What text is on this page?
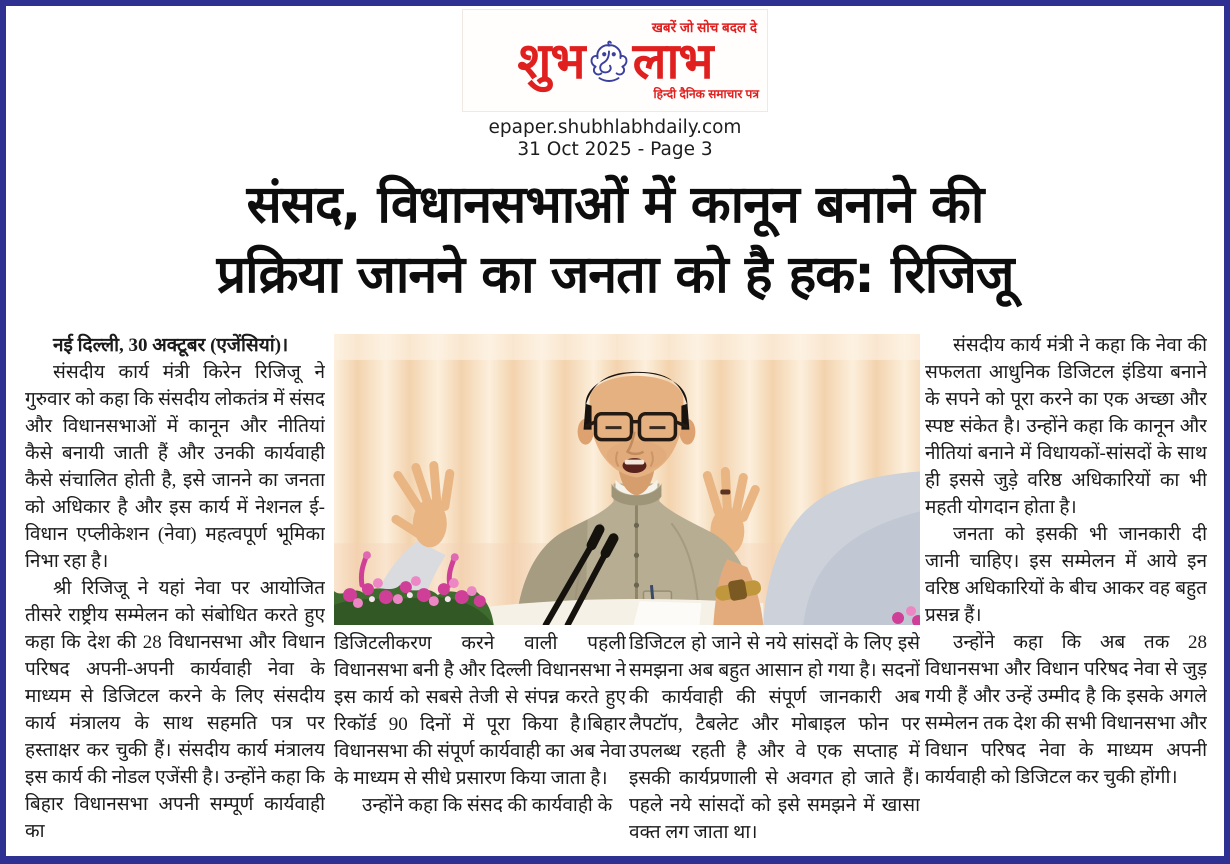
खबरें जो सोच बदल दे
शुभ लाभ
हिन्दी दैनिक समाचार पत्र
epaper.shubhlabhdaily.com
31 Oct 2025 - Page 3
संसद, विधानसभाओं में कानून बनाने की
प्रक्रिया जानने का जनता को है हक: रिजिजू

नई दिल्ली, 30 अक्टूबर (एजेंसियां)।

संसदीय कार्य मंत्री किरेन रिजिजू ने गुरुवार को कहा कि संसदीय लोकतंत्र में संसद और विधानसभाओं में कानून और नीतियां कैसे बनायी जाती हैं और उनकी कार्यवाही कैसे संचालित होती है, इसे जानने का जनता को अधिकार है और इस कार्य में नेशनल ई-विधान एप्लीकेशन (नेवा) महत्वपूर्ण भूमिका निभा रहा है।

श्री रिजिजू ने यहां नेवा पर आयोजित तीसरे राष्ट्रीय सम्मेलन को संबोधित करते हुए कहा कि देश की 28 विधानसभा और विधान परिषद अपनी-अपनी कार्यवाही नेवा के माध्यम से डिजिटल करने के लिए संसदीय कार्य मंत्रालय के साथ सहमति पत्र पर हस्ताक्षर कर चुकी हैं। संसदीय कार्य मंत्रालय इस कार्य की नोडल एजेंसी है। उन्होंने कहा कि बिहार विधानसभा अपनी सम्पूर्ण कार्यवाही का

डिजिटलीकरण करने वाली पहली विधानसभा बनी है और दिल्ली विधानसभा ने इस कार्य को सबसे तेजी से संपन्न करते हुए रिकॉर्ड 90 दिनों में पूरा किया है।बिहार विधानसभा की संपूर्ण कार्यवाही का अब नेवा के माध्यम से सीधे प्रसारण किया जाता है।

उन्होंने कहा कि संसद की कार्यवाही के

डिजिटल हो जाने से नये सांसदों के लिए इसे समझना अब बहुत आसान हो गया है। सदनों की कार्यवाही की संपूर्ण जानकारी अब लैपटॉप, टैबलेट और मोबाइल फोन पर उपलब्ध रहती है और वे एक सप्ताह में इसकी कार्यप्रणाली से अवगत हो जाते हैं। पहले नये सांसदों को इसे समझने में खासा वक्त लग जाता था।

संसदीय कार्य मंत्री ने कहा कि नेवा की सफलता आधुनिक डिजिटल इंडिया बनाने के सपने को पूरा करने का एक अच्छा और स्पष्ट संकेत है। उन्होंने कहा कि कानून और नीतियां बनाने में विधायकों-सांसदों के साथ ही इससे जुड़े वरिष्ठ अधिकारियों का भी महती योगदान होता है।

जनता को इसकी भी जानकारी दी जानी चाहिए। इस सम्मेलन में आये इन वरिष्ठ अधिकारियों के बीच आकर वह बहुत प्रसन्न हैं।

उन्होंने कहा कि अब तक 28 विधानसभा और विधान परिषद नेवा से जुड़ गयी हैं और उन्हें उम्मीद है कि इसके अगले सम्मेलन तक देश की सभी विधानसभा और विधान परिषद नेवा के माध्यम अपनी कार्यवाही को डिजिटल कर चुकी होंगी।
